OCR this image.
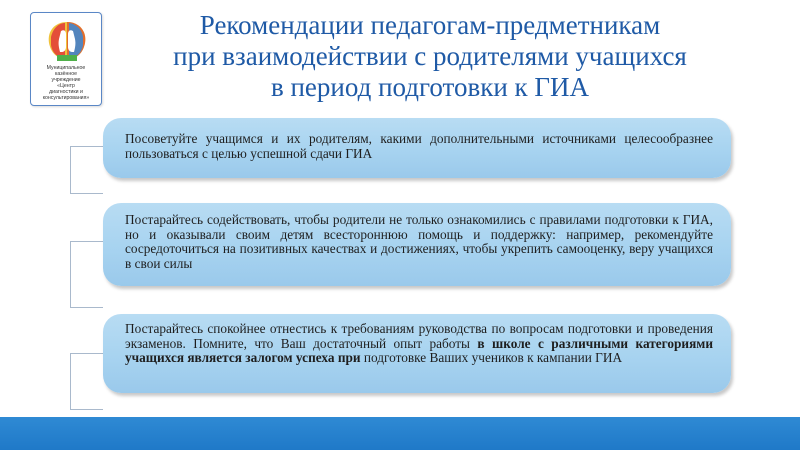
Муниципальное
казённое
учреждение
«Центр
диагностики и
консультирования»
Рекомендации педагогам-предметникам
при взаимодействии с родителями учащихся
в период подготовки к ГИА
Посоветуйте учащимся и их родителям, какими дополнительными источниками целесообразнее пользоваться с целью успешной сдачи ГИА
Постарайтесь содействовать, чтобы родители не только ознакомились с правилами подготовки к ГИА, но и оказывали своим детям всестороннюю помощь и поддержку: например, рекомендуйте сосредоточиться на позитивных качествах и достижениях, чтобы укрепить самооценку, веру учащихся в свои силы
Постарайтесь спокойнее отнестись к требованиям руководства по вопросам подготовки и проведения экзаменов. Помните, что Ваш достаточный опыт работы в школе с различными категориями учащихся является залогом успеха при подготовке Ваших учеников к кампании ГИА
